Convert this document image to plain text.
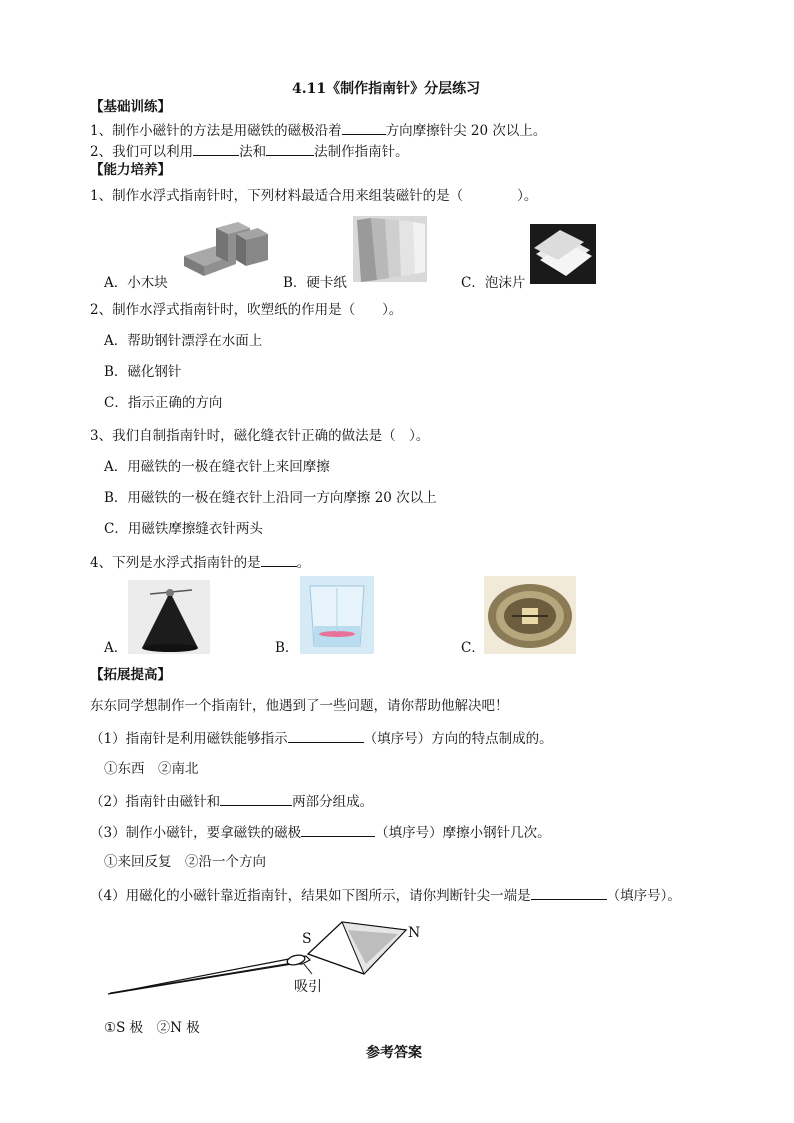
4.11《制作指南针》分层练习
【基础训练】
1、制作小磁针的方法是用磁铁的磁极沿着	方向摩擦针尖 20 次以上。
2、我们可以利用	法和	法制作指南针。
【能力培养】
1、制作水浮式指南针时，下列材料最适合用来组装磁针的是（　　　　）。
A．小木块	B．硬卡纸	C．泡沫片
2、制作水浮式指南针时，吹塑纸的作用是（　　）。
A．帮助钢针漂浮在水面上
B．磁化钢针
C．指示正确的方向
3、我们自制指南针时，磁化缝衣针正确的做法是（　）。
A．用磁铁的一极在缝衣针上来回摩擦
B．用磁铁的一极在缝衣针上沿同一方向摩擦 20 次以上
C．用磁铁摩擦缝衣针两头
4、下列是水浮式指南针的是	。
A．	B．	C．
【拓展提高】
东东同学想制作一个指南针，他遇到了一些问题，请你帮助他解决吧！
（1）指南针是利用磁铁能够指示	（填序号）方向的特点制成的。
①东西　②南北
（2）指南针由磁针和	两部分组成。
（3）制作小磁针，要拿磁铁的磁极	（填序号）摩擦小钢针几次。
①来回反复　②沿一个方向
（4）用磁化的小磁针靠近指南针，结果如下图所示，请你判断针尖一端是	（填序号）。
S	N
吸引
①S 极　②N 极
参考答案
